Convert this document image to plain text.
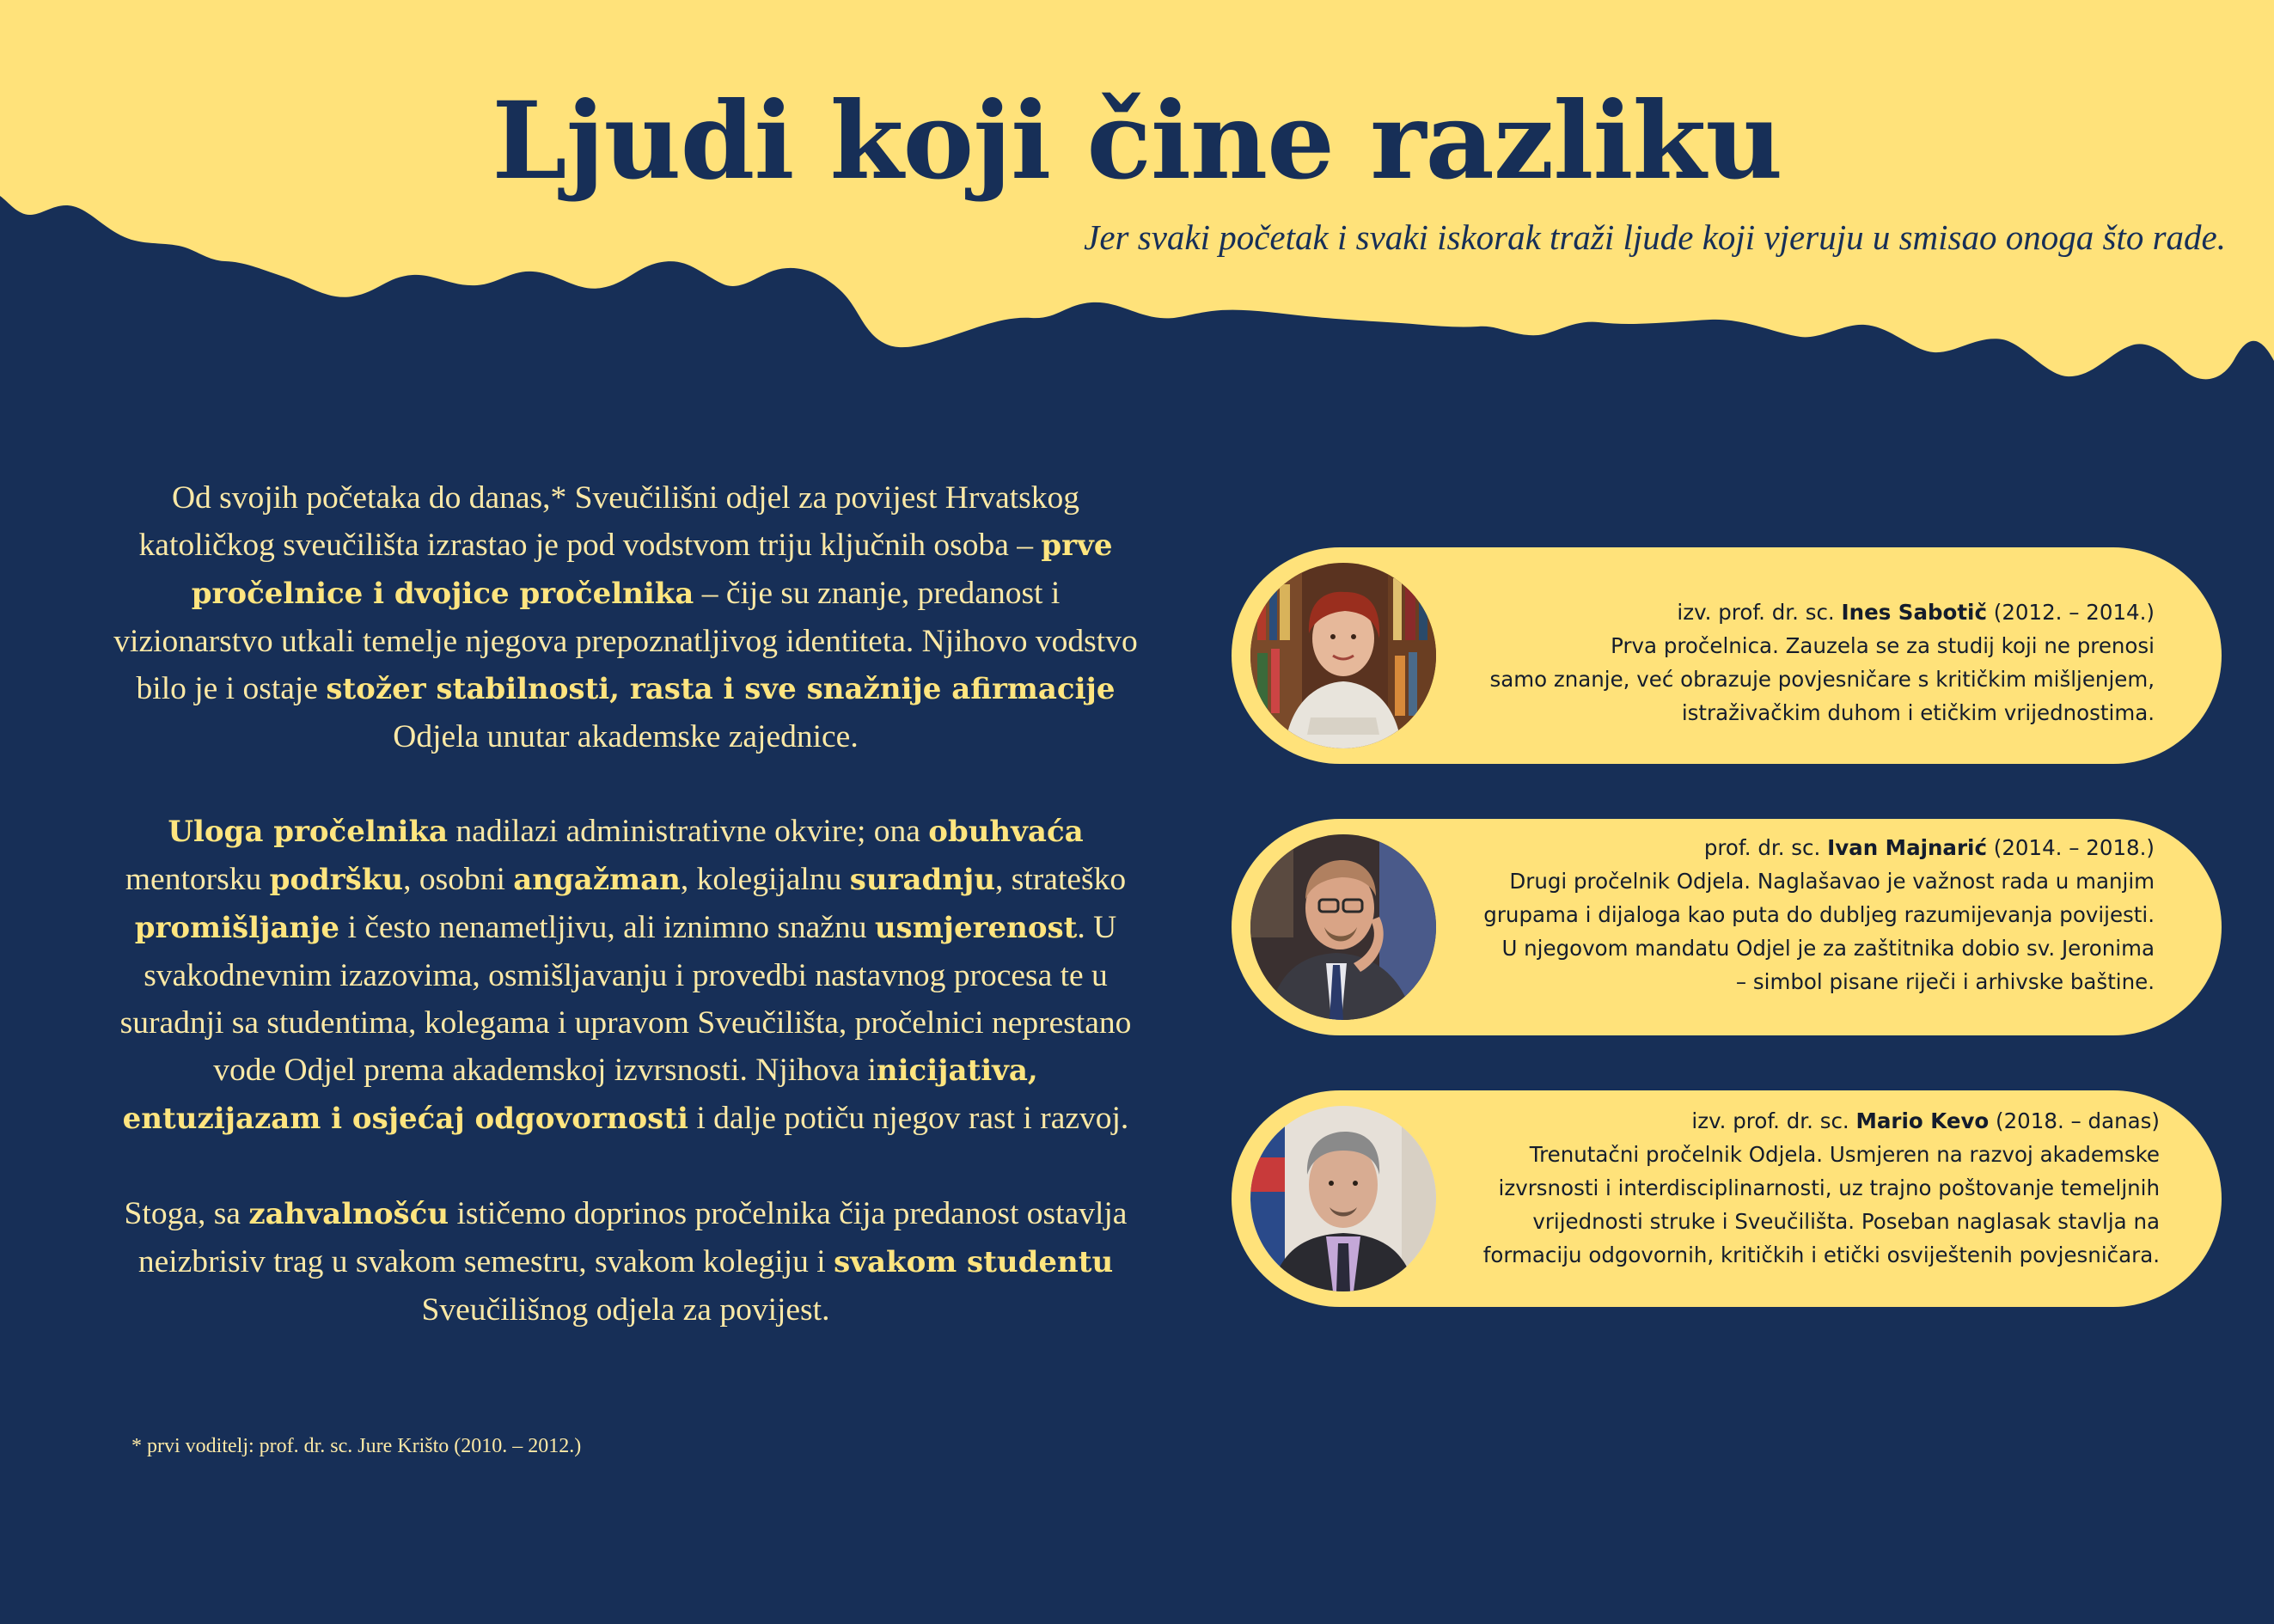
Ljudi koji čine razliku

Jer svaki početak i svaki iskorak traži ljude koji vjeruju u smisao onoga što rade.

Od svojih početaka do danas,* Sveučilišni odjel za povijest Hrvatskog katoličkog sveučilišta izrastao je pod vodstvom triju ključnih osoba – prve pročelnice i dvojice pročelnika – čije su znanje, predanost i vizionarstvo utkali temelje njegova prepoznatljivog identiteta. Njihovo vodstvo bilo je i ostaje stožer stabilnosti, rasta i sve snažnije afirmacije Odjela unutar akademske zajednice.

Uloga pročelnika nadilazi administrativne okvire; ona obuhvaća mentorsku podršku, osobni angažman, kolegijalnu suradnju, strateško promišljanje i često nenametljivu, ali iznimno snažnu usmjerenost. U svakodnevnim izazovima, osmišljavanju i provedbi nastavnog procesa te u suradnji sa studentima, kolegama i upravom Sveučilišta, pročelnici neprestano vode Odjel prema akademskoj izvrsnosti. Njihova inicijativa, entuzijazam i osjećaj odgovornosti i dalje potiču njegov rast i razvoj.

Stoga, sa zahvalnošću ističemo doprinos pročelnika čija predanost ostavlja neizbrisiv trag u svakom semestru, svakom kolegiju i svakom studentu Sveučilišnog odjela za povijest.

* prvi voditelj: prof. dr. sc. Jure Krišto (2010. – 2012.)
izv. prof. dr. sc. Ines Sabotič (2012. – 2014.)
Prva pročelnica. Zauzela se za studij koji ne prenosi
samo znanje, već obrazuje povjesničare s kritičkim mišljenjem,
istraživačkim duhom i etičkim vrijednostima.
prof. dr. sc. Ivan Majnarić (2014. – 2018.)
Drugi pročelnik Odjela. Naglašavao je važnost rada u manjim
grupama i dijaloga kao puta do dubljeg razumijevanja povijesti.
U njegovom mandatu Odjel je za zaštitnika dobio sv. Jeronima
– simbol pisane riječi i arhivske baštine.
izv. prof. dr. sc. Mario Kevo (2018. – danas)
Trenutačni pročelnik Odjela. Usmjeren na razvoj akademske
izvrsnosti i interdisciplinarnosti, uz trajno poštovanje temeljnih
vrijednosti struke i Sveučilišta. Poseban naglasak stavlja na
formaciju odgovornih, kritičkih i etički osviještenih povjesničara.
